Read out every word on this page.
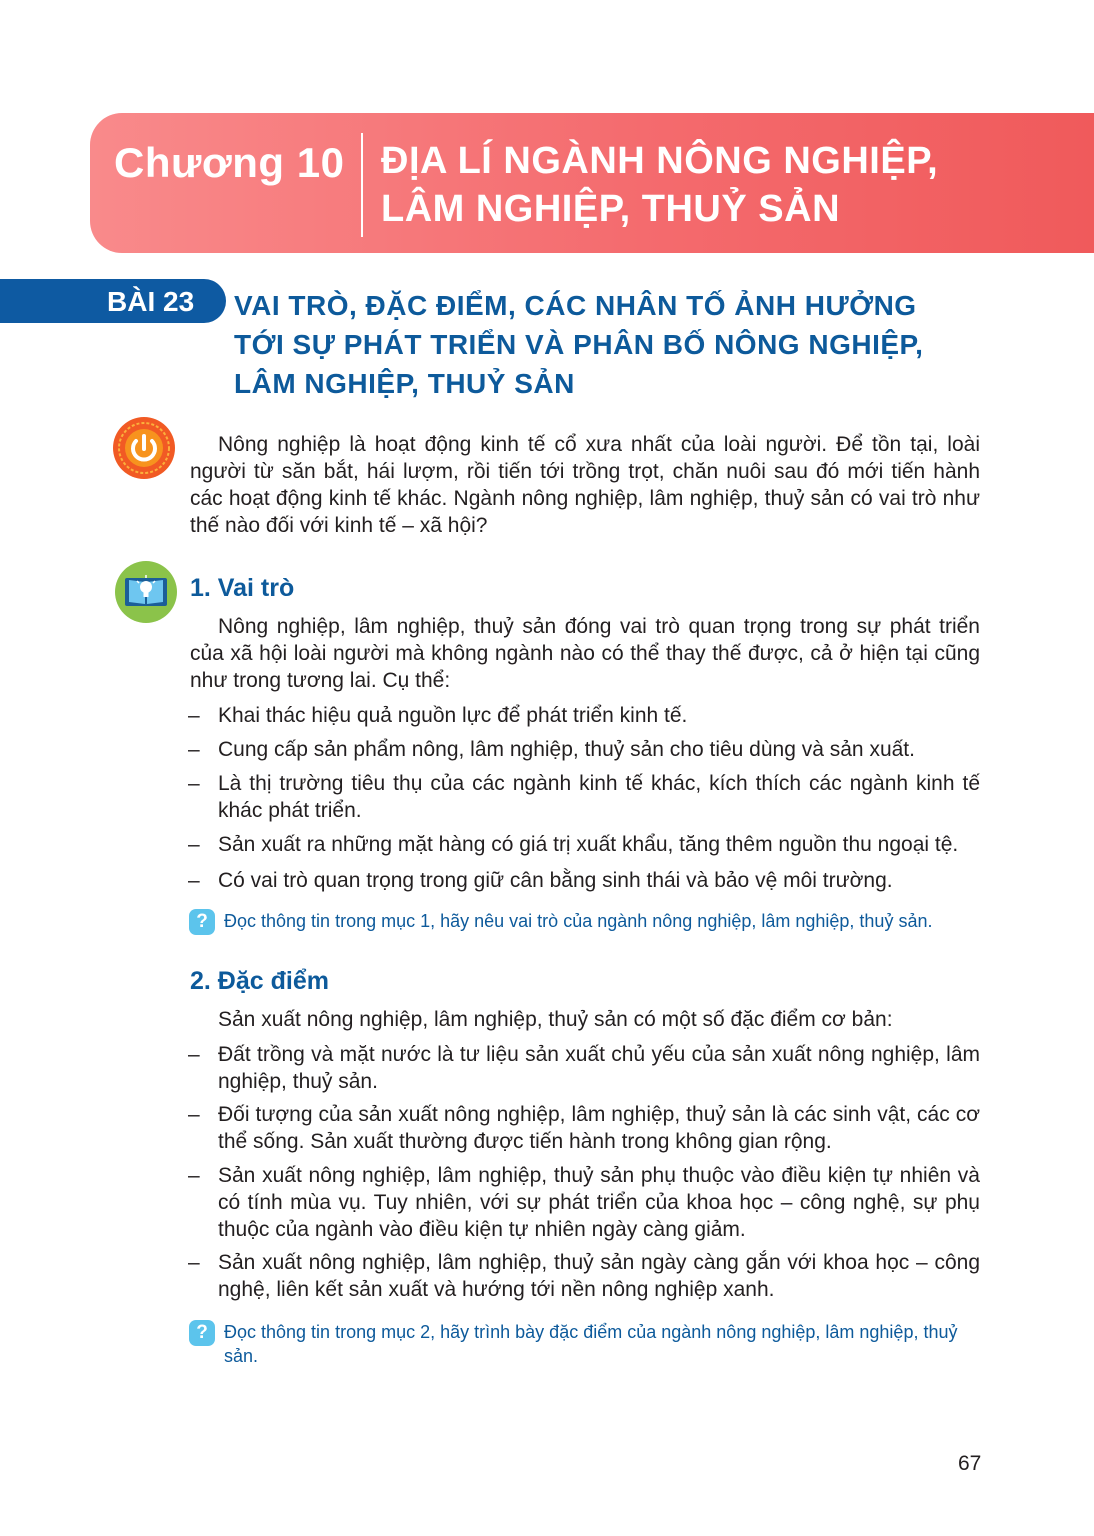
Chương 10 ĐỊA LÍ NGÀNH NÔNG NGHIỆP,
LÂM NGHIỆP, THUỶ SẢN
BÀI 23 VAI TRÒ, ĐẶC ĐIỂM, CÁC NHÂN TỐ ẢNH HƯỞNG
TỚI SỰ PHÁT TRIỂN VÀ PHÂN BỐ NÔNG NGHIỆP,
LÂM NGHIỆP, THUỶ SẢN
Nông nghiệp là hoạt động kinh tế cổ xưa nhất của loài người. Để tồn tại, loài người từ săn bắt, hái lượm, rồi tiến tới trồng trọt, chăn nuôi sau đó mới tiến hành các hoạt động kinh tế khác. Ngành nông nghiệp, lâm nghiệp, thuỷ sản có vai trò như thế nào đối với kinh tế – xã hội?
1. Vai trò
Nông nghiệp, lâm nghiệp, thuỷ sản đóng vai trò quan trọng trong sự phát triển của xã hội loài người mà không ngành nào có thể thay thế được, cả ở hiện tại cũng như trong tương lai. Cụ thể:
– Khai thác hiệu quả nguồn lực để phát triển kinh tế.
– Cung cấp sản phẩm nông, lâm nghiệp, thuỷ sản cho tiêu dùng và sản xuất.
– Là thị trường tiêu thụ của các ngành kinh tế khác, kích thích các ngành kinh tế khác phát triển.
– Sản xuất ra những mặt hàng có giá trị xuất khẩu, tăng thêm nguồn thu ngoại tệ.
– Có vai trò quan trọng trong giữ cân bằng sinh thái và bảo vệ môi trường.
? Đọc thông tin trong mục 1, hãy nêu vai trò của ngành nông nghiệp, lâm nghiệp, thuỷ sản.
2. Đặc điểm
Sản xuất nông nghiệp, lâm nghiệp, thuỷ sản có một số đặc điểm cơ bản:
– Đất trồng và mặt nước là tư liệu sản xuất chủ yếu của sản xuất nông nghiệp, lâm nghiệp, thuỷ sản.
– Đối tượng của sản xuất nông nghiệp, lâm nghiệp, thuỷ sản là các sinh vật, các cơ thể sống. Sản xuất thường được tiến hành trong không gian rộng.
– Sản xuất nông nghiệp, lâm nghiệp, thuỷ sản phụ thuộc vào điều kiện tự nhiên và có tính mùa vụ. Tuy nhiên, với sự phát triển của khoa học – công nghệ, sự phụ thuộc của ngành vào điều kiện tự nhiên ngày càng giảm.
– Sản xuất nông nghiệp, lâm nghiệp, thuỷ sản ngày càng gắn với khoa học – công nghệ, liên kết sản xuất và hướng tới nền nông nghiệp xanh.
? Đọc thông tin trong mục 2, hãy trình bày đặc điểm của ngành nông nghiệp, lâm nghiệp, thuỷ sản.
67
